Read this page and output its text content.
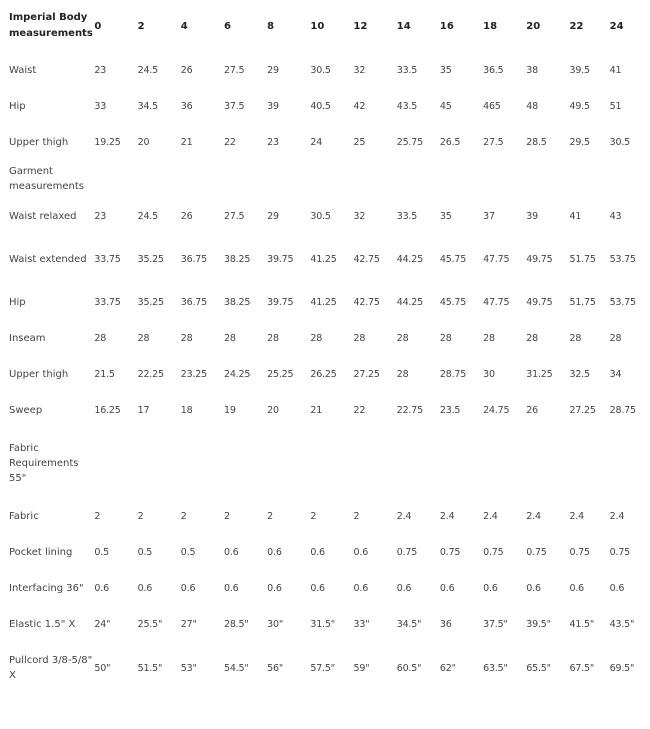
Imperial Body measurements	0	2	4	6	8	10	12	14	16	18	20	22	24
Waist	23	24.5	26	27.5	29	30.5	32	33.5	35	36.5	38	39.5	41
Hip	33	34.5	36	37.5	39	40.5	42	43.5	45	465	48	49.5	51
Upper thigh	19.25	20	21	22	23	24	25	25.75	26.5	27.5	28.5	29.5	30.5
Garment measurements													
Waist relaxed	23	24.5	26	27.5	29	30.5	32	33.5	35	37	39	41	43
Waist extended	33.75	35.25	36.75	38.25	39.75	41.25	42.75	44.25	45.75	47.75	49.75	51.75	53.75
Hip	33.75	35.25	36.75	38.25	39.75	41.25	42.75	44.25	45.75	47.75	49.75	51.75	53.75
Inseam	28	28	28	28	28	28	28	28	28	28	28	28	28
Upper thigh	21.5	22.25	23.25	24.25	25.25	26.25	27.25	28	28.75	30	31.25	32.5	34
Sweep	16.25	17	18	19	20	21	22	22.75	23.5	24.75	26	27.25	28.75
Fabric Requirements 55"													
Fabric	2	2	2	2	2	2	2	2.4	2.4	2.4	2.4	2.4	2.4
Pocket lining	0.5	0.5	0.5	0.6	0.6	0.6	0.6	0.75	0.75	0.75	0.75	0.75	0.75
Interfacing 36"	0.6	0.6	0.6	0.6	0.6	0.6	0.6	0.6	0.6	0.6	0.6	0.6	0.6
Elastic 1.5" X	24"	25.5"	27"	28.5"	30"	31.5"	33"	34.5"	36	37.5"	39.5"	41.5"	43.5"
Pullcord 3/8-5/8" X	50"	51.5"	53"	54.5"	56"	57.5"	59"	60.5"	62"	63.5"	65.5"	67.5"	69.5"
